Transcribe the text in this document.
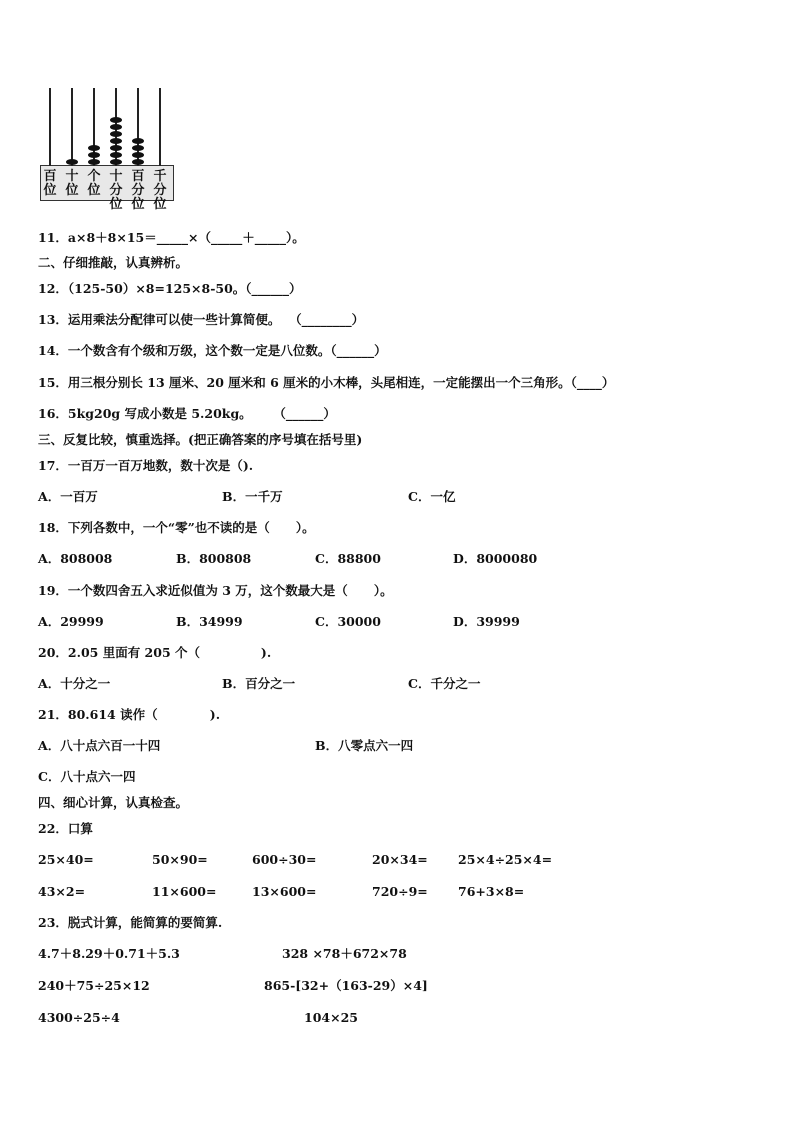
百位
十位
个位
十分位
百分位
千分位
11．a×8＋8×15＝_____×（_____＋_____）。
二、仔细推敲，认真辨析。
12．（125-50）×8=125×8-50。（______）
13．运用乘法分配律可以使一些计算简便。  （________）
14．一个数含有个级和万级，这个数一定是八位数。（______）
15．用三根分别长 13 厘米、20 厘米和 6 厘米的小木棒，头尾相连，一定能摆出一个三角形。（____）
16．5kg20g 写成小数是 5.20kg。     （______）
三、反复比较，慎重选择。(把正确答案的序号填在括号里)
17．一百万一百万地数，数十次是（).
A．一百万	B．一千万	C．一亿
18．下列各数中，一个“零”也不读的是（      ）。
A．808008	B．800808	C．88800	D．8000080
19．一个数四舍五入求近似值为 3 万，这个数最大是（      ）。
A．29999	B．34999	C．30000	D．39999
20．2.05 里面有 205 个（              ).
A．十分之一	B．百分之一	C．千分之一
21．80.614 读作（            ).
A．八十点六百一十四	B．八零点六一四
C．八十点六一四
四、细心计算，认真检查。
22．口算
25×40=	50×90=	600÷30=	20×34= 25×4÷25×4=
43×2=	11×600=	13×600=	720÷9= 76+3×8=
23．脱式计算，能简算的要简算.
4.7＋8.29＋0.71＋5.3	328 ×78＋672×78
240＋75÷25×12	865-[32+（163-29）×4]
4300÷25÷4	104×25
